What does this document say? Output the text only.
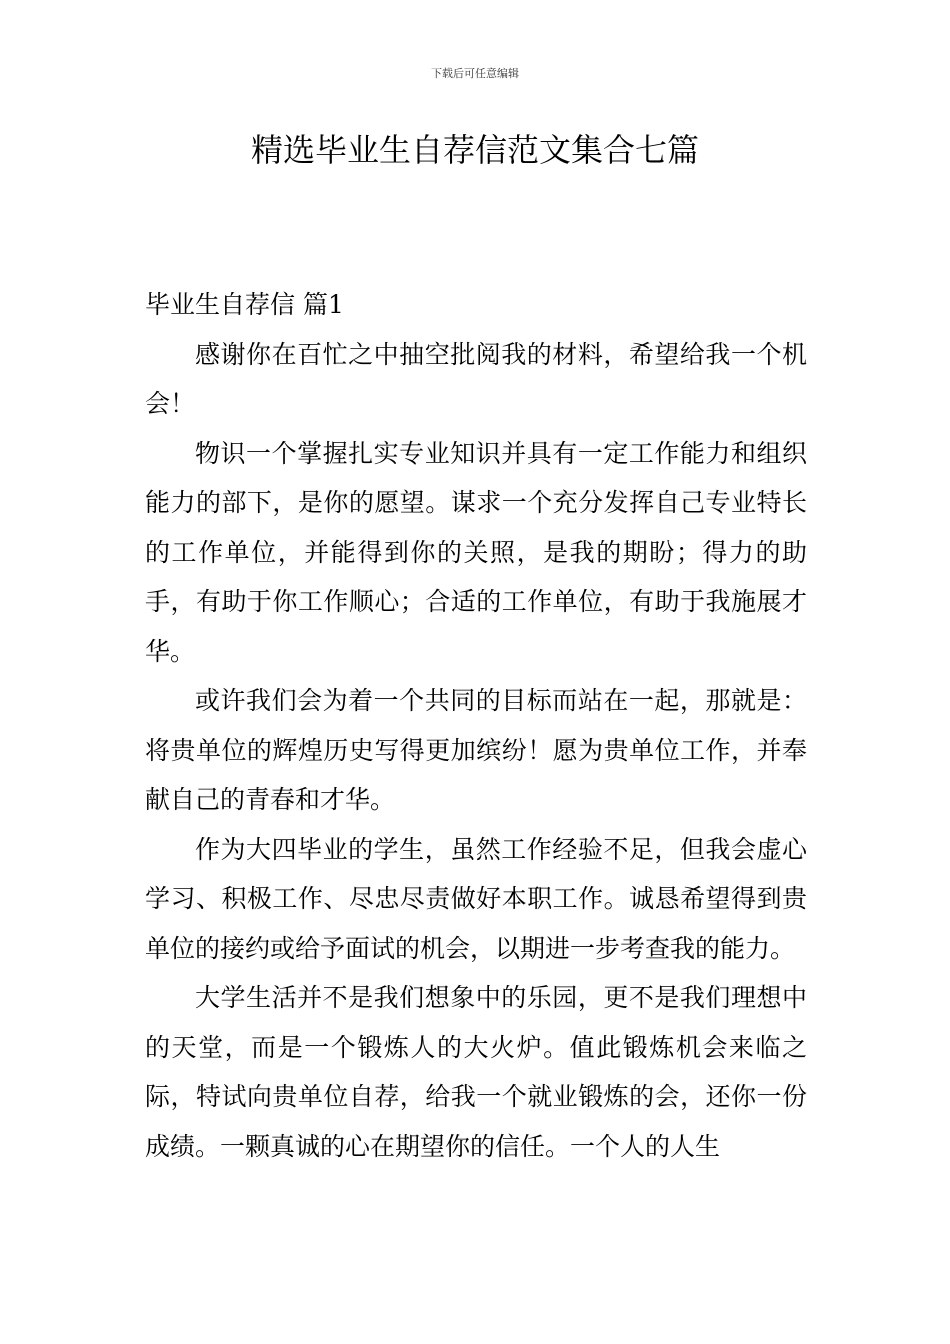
下载后可任意编辑
精选毕业生自荐信范文集合七篇
毕业生自荐信 篇1

感谢你在百忙之中抽空批阅我的材料，希望给我一个机会！

物识一个掌握扎实专业知识并具有一定工作能力和组织能力的部下，是你的愿望。谋求一个充分发挥自己专业特长的工作单位，并能得到你的关照，是我的期盼；得力的助手，有助于你工作顺心；合适的工作单位，有助于我施展才华。

或许我们会为着一个共同的目标而站在一起，那就是：将贵单位的辉煌历史写得更加缤纷！愿为贵单位工作，并奉献自己的青春和才华。

作为大四毕业的学生，虽然工作经验不足，但我会虚心学习、积极工作、尽忠尽责做好本职工作。诚恳希望得到贵单位的接约或给予面试的机会，以期进一步考查我的能力。

大学生活并不是我们想象中的乐园，更不是我们理想中的天堂，而是一个锻炼人的大火炉。值此锻炼机会来临之际，特试向贵单位自荐，给我一个就业锻炼的会，还你一份成绩。一颗真诚的心在期望你的信任。一个人的人生
